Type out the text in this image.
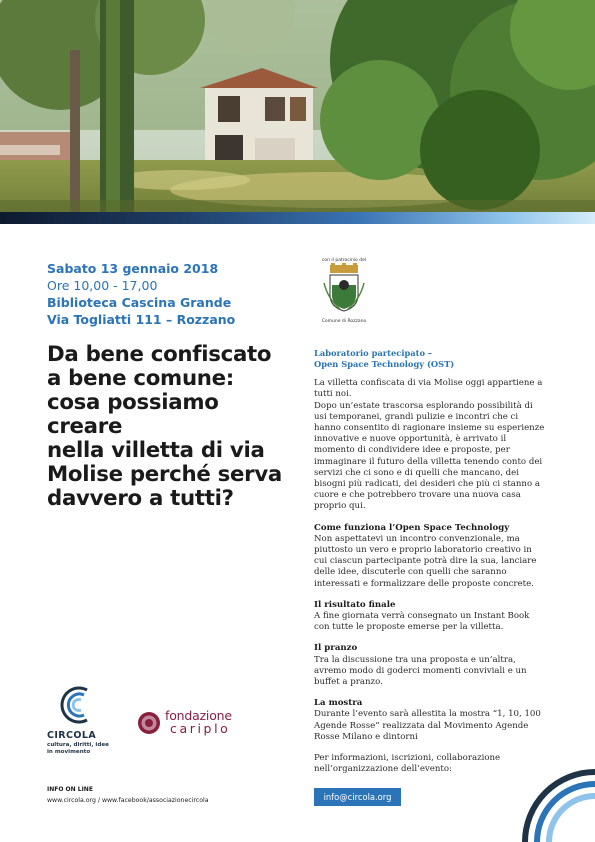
Sabato 13 gennaio 2018
Ore 10,00 - 17,00
Biblioteca Cascina Grande
Via Togliatti 111 – Rozzano
con il patrocinio del
Comune di Rozzano
Da bene confiscato
a bene comune:
cosa possiamo creare
nella villetta di via
Molise perché serva
davvero a tutti?
Laboratorio partecipato –
Open Space Technology (OST)

La villetta confiscata di via Molise oggi appartiene a tutti noi.

Dopo un’estate trascorsa esplorando possibilità di usi temporanei, grandi pulizie e incontri che ci hanno consentito di ragionare insieme su esperienze innovative e nuove opportunità, è arrivato il momento di condividere idee e proposte, per immaginare il futuro della villetta tenendo conto dei servizi che ci sono e di quelli che mancano, dei bisogni più radicati, dei desideri che più ci stanno a cuore e che potrebbero trovare una nuova casa proprio qui.
Come funziona l’Open Space Technology
Non aspettatevi un incontro convenzionale, ma piuttosto un vero e proprio laboratorio creativo in cui ciascun partecipante potrà dire la sua, lanciare delle idee, discuterle con quelli che saranno interessati e formalizzare delle proposte concrete.
Il risultato finale
A fine giornata verrà consegnato un Instant Book con tutte le proposte emerse per la villetta.
Il pranzo
Tra la discussione tra una proposta e un’altra, avremo modo di goderci momenti conviviali e un buffet a pranzo.
La mostra
Durante l’evento sarà allestita la mostra “1, 10, 100 Agende Rosse” realizzata dal Movimento Agende Rosse Milano e dintorni
Per informazioni, iscrizioni, collaborazione nell’organizzazione dell’evento:
info@circola.org
CIRCOLA
cultura, diritti, idee
in movimento
fondazione
cariplo
INFO ON LINE
www.circola.org / www.facebook/associazionecircola
